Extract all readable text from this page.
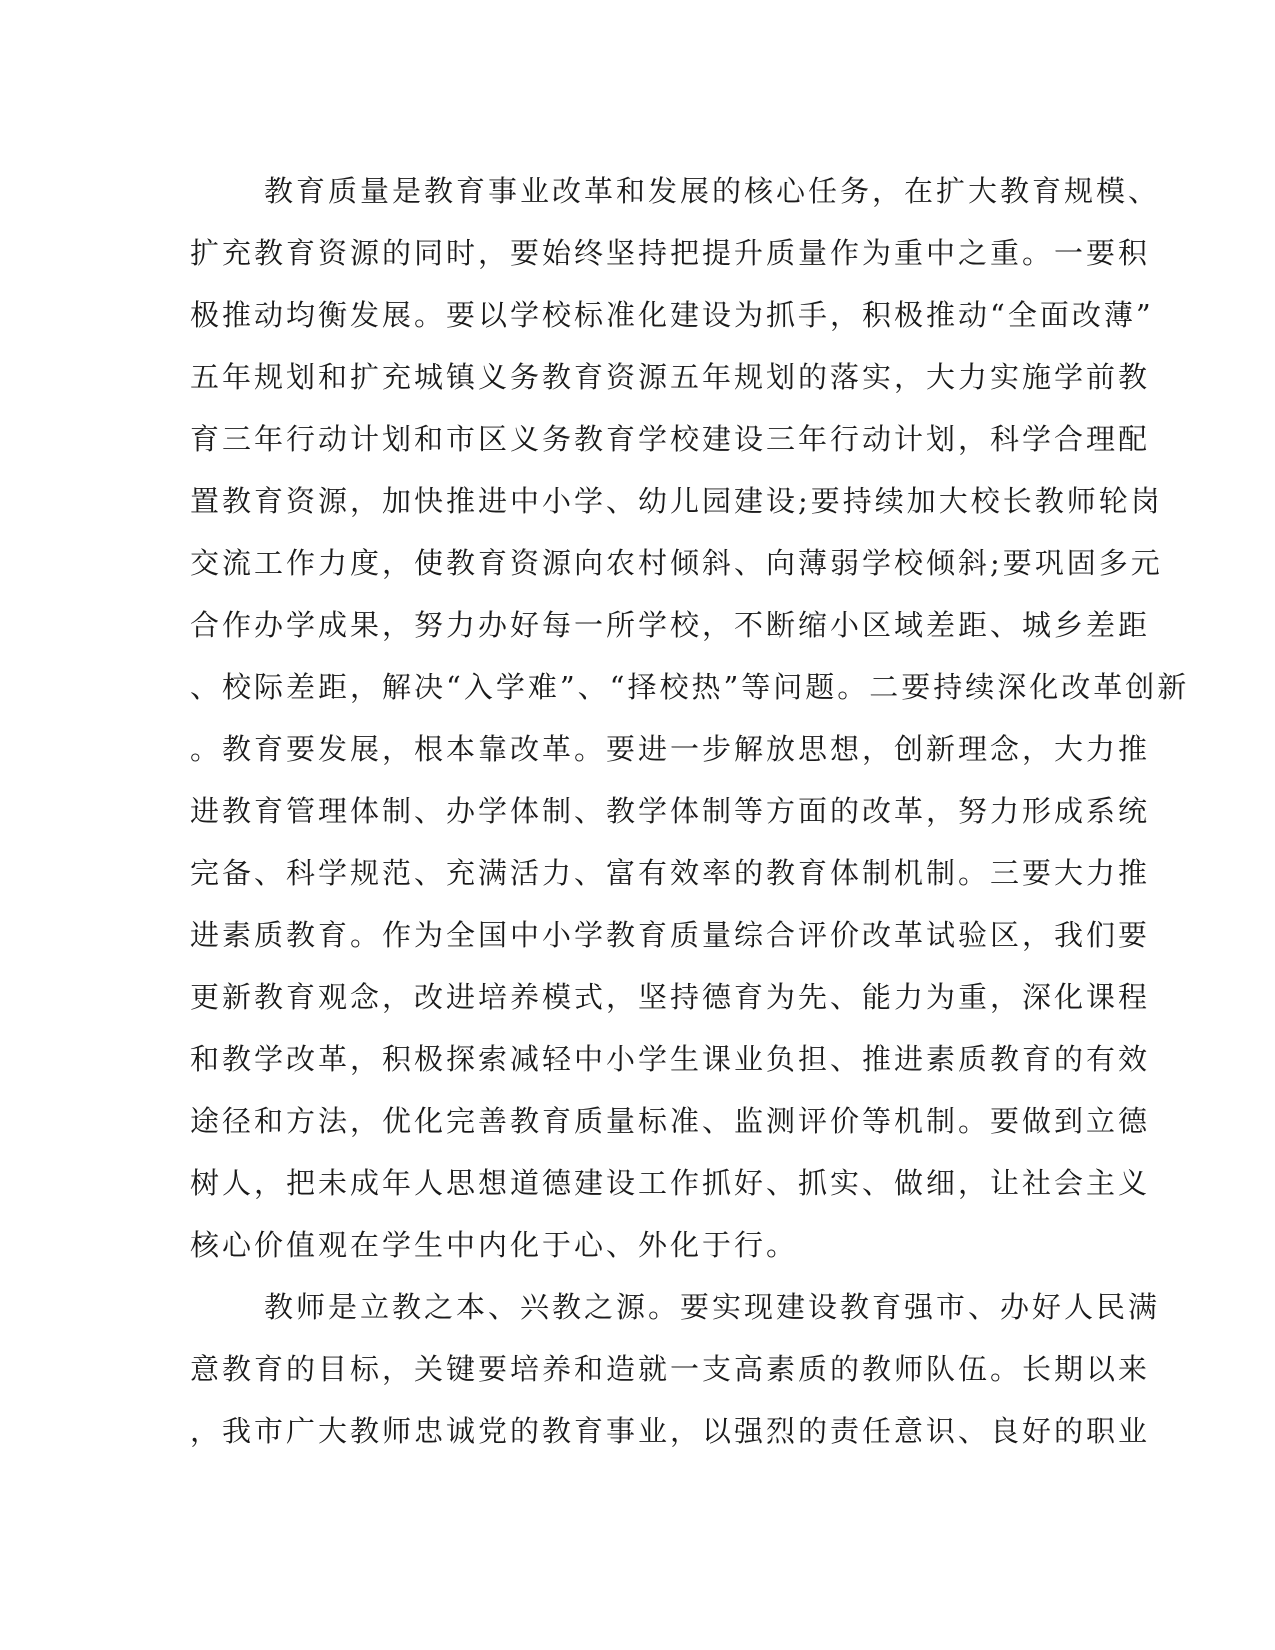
教育质量是教育事业改革和发展的核心任务，在扩大教育规模、
扩充教育资源的同时，要始终坚持把提升质量作为重中之重。一要积
极推动均衡发展。要以学校标准化建设为抓手，积极推动“全面改薄”
五年规划和扩充城镇义务教育资源五年规划的落实，大力实施学前教
育三年行动计划和市区义务教育学校建设三年行动计划，科学合理配
置教育资源，加快推进中小学、幼儿园建设;要持续加大校长教师轮岗
交流工作力度，使教育资源向农村倾斜、向薄弱学校倾斜;要巩固多元
合作办学成果，努力办好每一所学校，不断缩小区域差距、城乡差距
、校际差距，解决“入学难”、“择校热”等问题。二要持续深化改革创新
。教育要发展，根本靠改革。要进一步解放思想，创新理念，大力推
进教育管理体制、办学体制、教学体制等方面的改革，努力形成系统
完备、科学规范、充满活力、富有效率的教育体制机制。三要大力推
进素质教育。作为全国中小学教育质量综合评价改革试验区，我们要
更新教育观念，改进培养模式，坚持德育为先、能力为重，深化课程
和教学改革，积极探索减轻中小学生课业负担、推进素质教育的有效
途径和方法，优化完善教育质量标准、监测评价等机制。要做到立德
树人，把未成年人思想道德建设工作抓好、抓实、做细，让社会主义
核心价值观在学生中内化于心、外化于行。
教师是立教之本、兴教之源。要实现建设教育强市、办好人民满
意教育的目标，关键要培养和造就一支高素质的教师队伍。长期以来
，我市广大教师忠诚党的教育事业，以强烈的责任意识、良好的职业
